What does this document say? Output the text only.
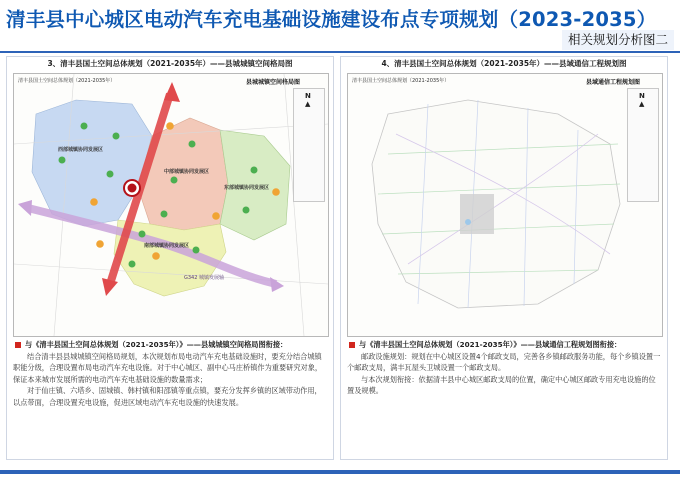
清丰县中心城区电动汽车充电基础设施建设布点专项规划（2023-2035）
相关规划分析图二
3、清丰县国土空间总体规划（2021-2035年）——县城城镇空间格局图
清丰县国土空间总体规划（2021-2035年）	县城城镇空间格局图
西部城镇协同发展区
中部城镇协同发展区
东部城镇协同发展区
南部城镇协同发展区
G342 城镇发展轴
N
▲
与《清丰县国土空间总体规划（2021-2035年）》——县城城镇空间格局图衔接：

结合清丰县县城城镇空间格局规划，本次规划布局电动汽车充电基础设施时，要充分结合城镇职能分级，合理设置布局电动汽车充电设施。对于中心城区、副中心马庄桥镇作为重要研究对象，保证本来城市发展所需的电动汽车充电基础设施的数量需求；

对于仙庄镇、六塔乡、固城镇、韩村镇和阳邵镇等重点镇，要充分发挥乡镇的区域带动作用，以点带面，合理设置充电设施，促进区域电动汽车充电设施的快速发展。

4、清丰县国土空间总体规划（2021-2035年）——县域通信工程规划图
清丰县国土空间总体规划（2021-2035年）	县域通信工程规划图
N
▲
与《清丰县国土空间总体规划（2021-2035年）》——县域通信工程规划图衔接：

邮政设施规划：规划在中心城区设置4个邮政支局，完善各乡镇邮政服务功能，每个乡镇设置一个邮政支局，满丰瓦屋头卫城设置一个邮政支局。

与本次规划衔接：依据清丰县中心城区邮政支局的位置，确定中心城区邮政专用充电设施的位置及规模。
